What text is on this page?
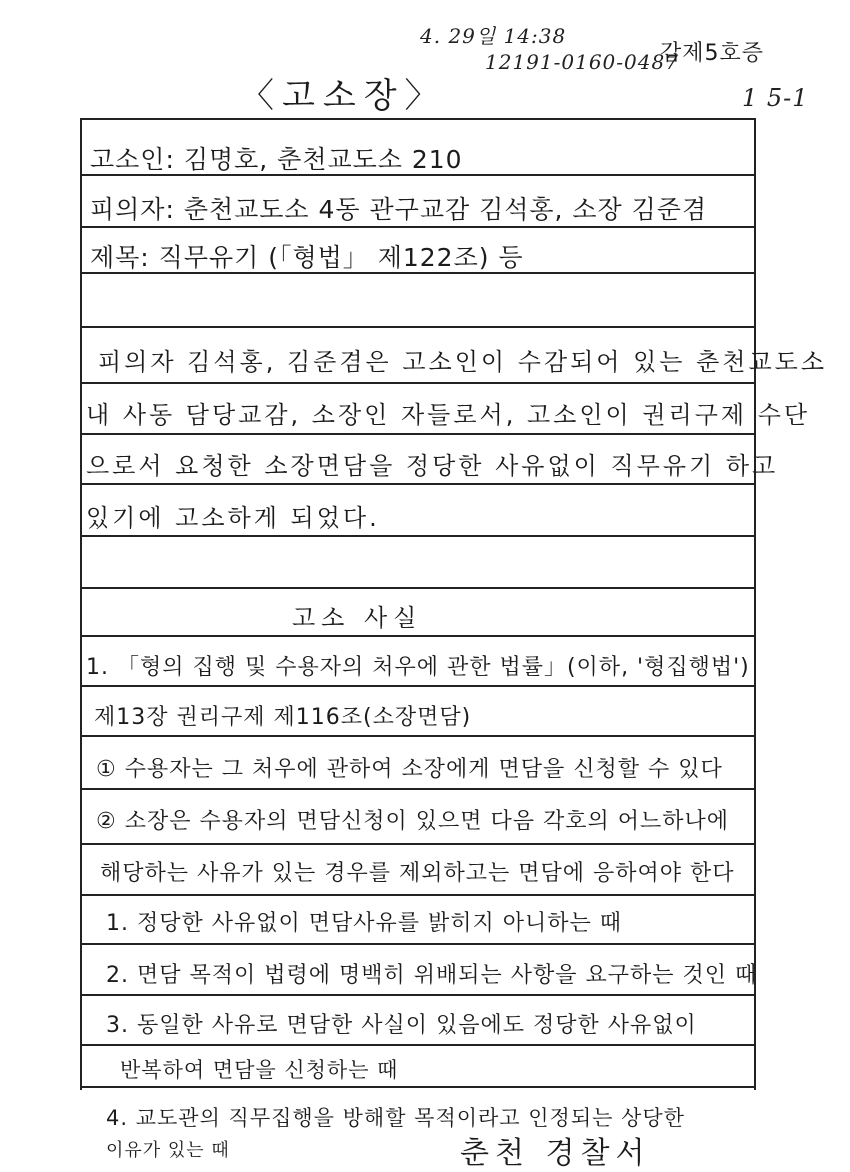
4. 29일 14:38
12191-0160-0487
갑제5호증
1 5-1
〈고소장〉
고소인: 김명호, 춘천교도소 210
피의자: 춘천교도소 4동 관구교감 김석홍, 소장 김준겸
제목: 직무유기 (「형법」 제122조) 등
피의자 김석홍, 김준겸은 고소인이 수감되어 있는 춘천교도소
내 사동 담당교감, 소장인 자들로서, 고소인이 권리구제 수단
으로서 요청한 소장면담을 정당한 사유없이 직무유기 하고
있기에 고소하게 되었다.
고소 사실
1. 「형의 집행 및 수용자의 처우에 관한 법률」(이하, '형집행법')
제13장 권리구제 제116조(소장면담)
① 수용자는 그 처우에 관하여 소장에게 면담을 신청할 수 있다
② 소장은 수용자의 면담신청이 있으면 다음 각호의 어느하나에
해당하는 사유가 있는 경우를 제외하고는 면담에 응하여야 한다
1. 정당한 사유없이 면담사유를 밝히지 아니하는 때
2. 면담 목적이 법령에 명백히 위배되는 사항을 요구하는 것인 때
3. 동일한 사유로 면담한 사실이 있음에도 정당한 사유없이
반복하여 면담을 신청하는 때
4. 교도관의 직무집행을 방해할 목적이라고 인정되는 상당한
이유가 있는 때	춘천 경찰서
